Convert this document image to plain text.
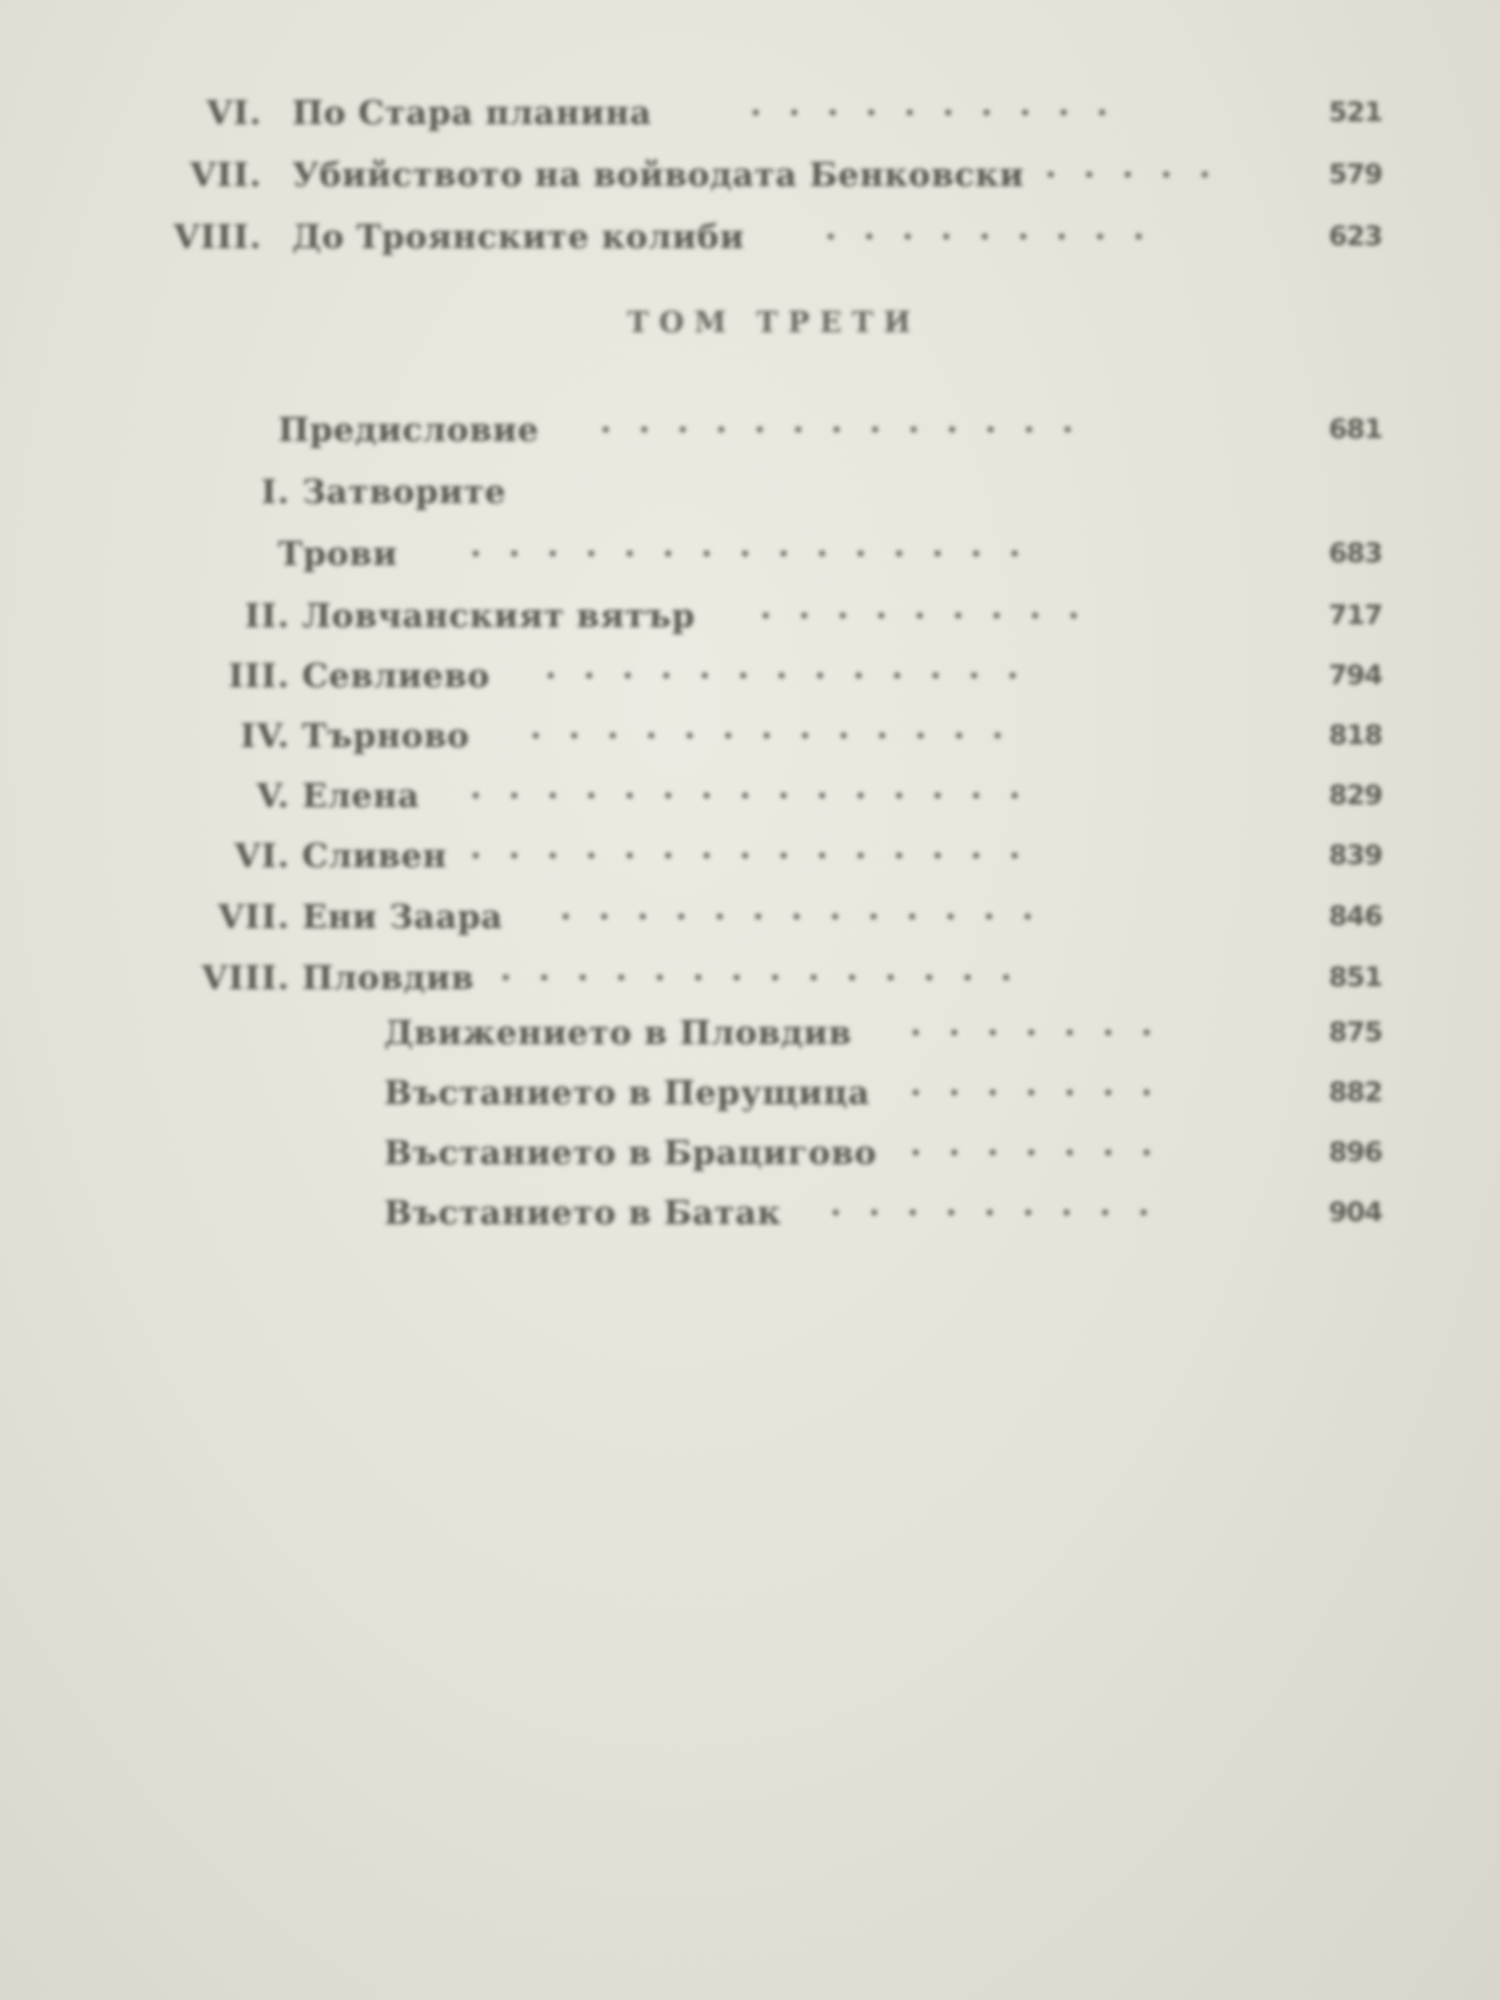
VI. По Стара планина	··········	521
VII. Убийството на войводата Бенковски ·····	579
VIII. До Троянските колиби ·········	623
ТОМ ТРЕТИ
Предисловие ·············	681
I. Затворите
Трови ···············	683
II. Ловчанският вятър ·········	717
III. Севлиево ·············	794
IV. Търново ·············	818
V. Елена ···············	829
VI. Сливен ···············	839
VII. Ени Заара ·············	846
VIII. Пловдив ··············	851
Движението в Пловдив ·······	875
Въстанието в Перущица ·······	882
Въстанието в Брацигово ·······	896
Въстанието в Батак ·········	904
